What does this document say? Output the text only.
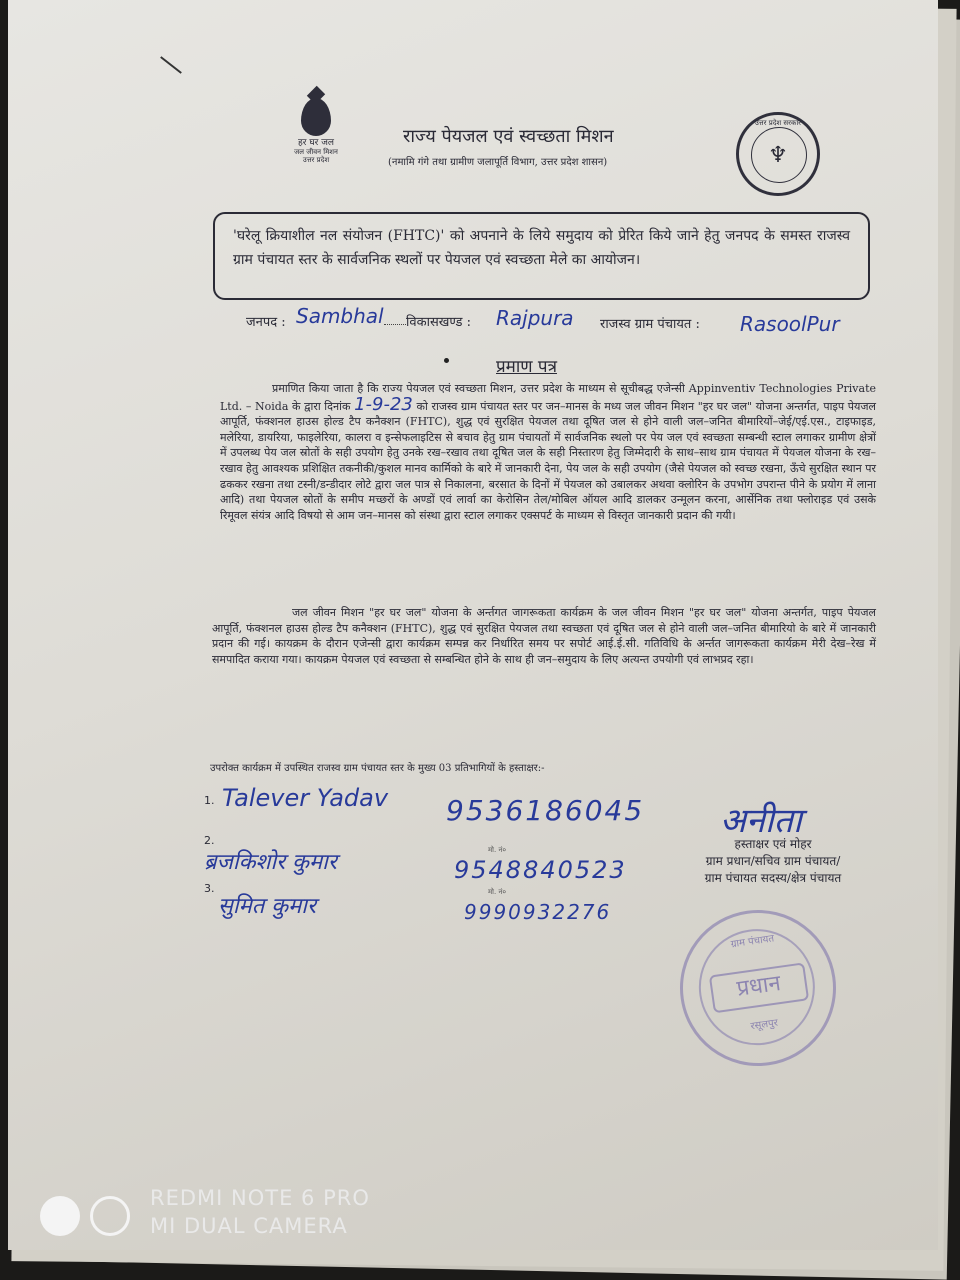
हर घर जल
जल जीवन मिशन
उत्तर प्रदेश
राज्य पेयजल एवं स्वच्छता मिशन
(नमामि गंगे तथा ग्रामीण जलापूर्ति विभाग, उत्तर प्रदेश शासन)
उत्तर प्रदेश सरकार
♆
'घरेलू क्रियाशील नल संयोजन (FHTC)' को अपनाने के लिये समुदाय को प्रेरित किये जाने हेतु जनपद के समस्त राजस्व ग्राम पंचायत स्तर के सार्वजनिक स्थलों पर पेयजल एवं स्वच्छता मेले का आयोजन।
जनपद : Sambhal विकासखण्ड : Rajpura राजस्व ग्राम पंचायत : RasoolPur
प्रमाण पत्र
प्रमाणित किया जाता है कि राज्य पेयजल एवं स्वच्छता मिशन, उत्तर प्रदेश के माध्यम से सूचीबद्ध एजेन्सी Appinventiv Technologies Private Ltd. – Noida के द्वारा दिनांक 1-9-23 को राजस्व ग्राम पंचायत स्तर पर जन–मानस के मध्य जल जीवन मिशन "हर घर जल" योजना अन्तर्गत, पाइप पेयजल आपूर्ति, फंक्शनल हाउस होल्ड टैप कनैक्शन (FHTC), शुद्ध एवं सुरक्षित पेयजल तथा दूषित जल से होने वाली जल–जनित बीमारियों–जेई/एई.एस., टाइफाइड, मलेरिया, डायरिया, फाइलेरिया, कालरा व इन्सेफलाइटिस से बचाव हेतु ग्राम पंचायतों में सार्वजनिक स्थलो पर पेय जल एवं स्वच्छता सम्बन्धी स्टाल लगाकर ग्रामीण क्षेत्रों में उपलब्ध पेय जल स्रोतों के सही उपयोग हेतु उनके रख–रखाव तथा दूषित जल के सही निस्तारण हेतु जिम्मेदारी के साथ–साथ ग्राम पंचायत में पेयजल योजना के रख–रखाव हेतु आवश्यक प्रशिक्षित तकनीकी/कुशल मानव कार्मिको के बारे में जानकारी देना, पेय जल के सही उपयोग (जैसे पेयजल को स्वच्छ रखना, ऊँचे सुरक्षित स्थान पर ढककर रखना तथा टस्नी/डन्डीदार लोटे द्वारा जल पात्र से निकालना, बरसात के दिनों में पेयजल को उबालकर अथवा क्लोरिन के उपभोग उपरान्त पीने के प्रयोग में लाना आदि) तथा पेयजल स्रोतों के समीप मच्छरों के अण्डों एवं लार्वा का केरोसिन तेल/मोबिल ऑयल आदि डालकर उन्मूलन करना, आर्सेनिक तथा फ्लोराइड एवं उसके रिमूवल संयंत्र आदि विषयो से आम जन–मानस को संस्था द्वारा स्टाल लगाकर एक्सपर्ट के माध्यम से विस्तृत जानकारी प्रदान की गयी।
जल जीवन मिशन "हर घर जल" योजना के अर्न्तगत जागरूकता कार्यक्रम के जल जीवन मिशन "हर घर जल" योजना अन्तर्गत, पाइप पेयजल आपूर्ति, फंक्शनल हाउस होल्ड टैप कनैक्शन (FHTC), शुद्ध एवं सुरक्षित पेयजल तथा स्वच्छता एवं दूषित जल से होने वाली जल–जनित बीमारियो के बारे में जानकारी प्रदान की गई। कायक्रम के दौरान एजेन्सी द्वारा कार्यक्रम सम्पन्न कर निर्धारित समय पर सपोर्ट आई.ई.सी. गतिविधि के अर्न्तत जागरूकता कार्यक्रम मेरी देख–रेख में समपादित कराया गया। कायक्रम पेयजल एवं स्वच्छता से सम्बन्धित होने के साथ ही जन–समुदाय के लिए अत्यन्त उपयोगी एवं लाभप्रद रहा।
उपरोक्त कार्यक्रम में उपस्थित राजस्व ग्राम पंचायत स्तर के मुख्य 03 प्रतिभागियों के हस्ताक्षर:-
1. Talever Yadav 9536186045
2.
ब्रजकिशोर कुमार	मो. नं०
9548840523
3.
सुमित कुमार
मो. नं०
9990932276
अनीता
हस्ताक्षर एवं मोहर
ग्राम प्रधान/सचिव ग्राम पंचायत/
ग्राम पंचायत सदस्य/क्षेत्र पंचायत
ग्राम पंचायत
प्रधान
रसूलपुर
REDMI NOTE 6 PRO
MI DUAL CAMERA
